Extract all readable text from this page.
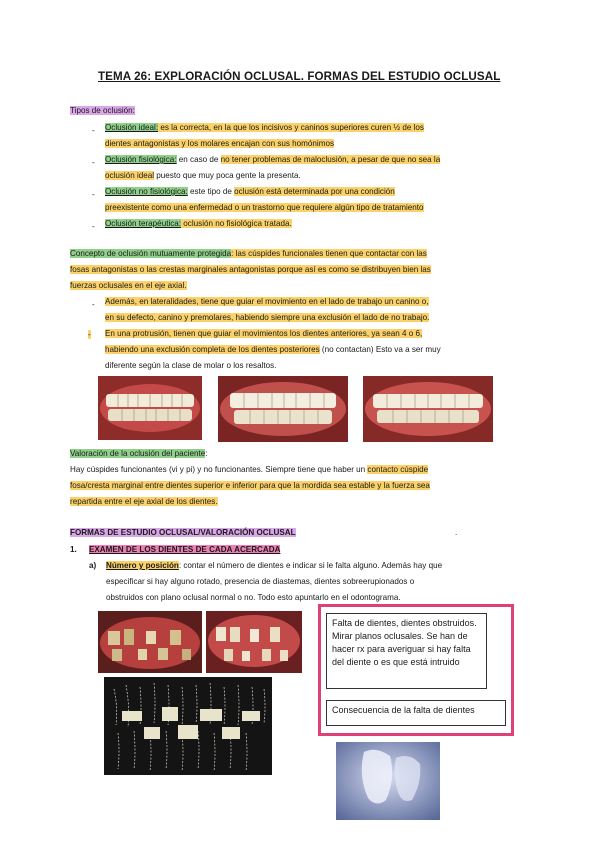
TEMA 26: EXPLORACIÓN OCLUSAL. FORMAS DEL ESTUDIO OCLUSAL
Tipos de oclusión:
- Oclusión ideal: es la correcta, en la que los incisivos y caninos superiores curen ½ de los
dientes antagonistas y los molares encajan con sus homónimos
- Oclusión fisiológica: en caso de no tener problemas de maloclusión, a pesar de que no sea la
oclusión ideal puesto que muy poca gente la presenta.
- Oclusión no fisiológica: este tipo de oclusión está determinada por una condición
preexistente como una enfermedad o un trastorno que requiere algún tipo de tratamiento
- Oclusión terapéutica: oclusión no fisiológica tratada.
Concepto de oclusión mutuamente protegida: las cúspides funcionales tienen que contactar con las
fosas antagonistas o las crestas marginales antagonistas porque así es como se distribuyen bien las
fuerzas oclusales en el eje axial.
- Además, en lateralidades, tiene que guiar el movimiento en el lado de trabajo un canino o,
en su defecto, canino y premolares, habiendo siempre una exclusión el lado de no trabajo.
- En una protrusión, tienen que guiar el movimientos los dientes anteriores, ya sean 4 o 6,
habiendo una exclusión completa de los dientes posteriores (no contactan) Esto va a ser muy
diferente según la clase de molar o los resaltos.
Valoración de la oclusión del paciente:
Hay cúspides funcionantes (vi y pi) y no funcionantes. Siempre tiene que haber un contacto cúspide
fosa/cresta marginal entre dientes superior e inferior para que la mordida sea estable y la fuerza sea
repartida entre el eje axial de los dientes.
FORMAS DE ESTUDIO OCLUSAL/VALORACIÓN OCLUSAL	.
1. EXAMEN DE LOS DIENTES DE CADA ACERCADA
a) Número y posición: contar el número de dientes e indicar si le falta alguno. Además hay que
especificar si hay alguno rotado, presencia de diastemas, dientes sobreerupionados o
obstruidos con plano oclusal normal o no. Todo esto apuntarlo en el odontograma.
Falta de dientes, dientes obstruidos. Mirar planos oclusales. Se han de hacer rx para averiguar si hay falta del diente o es que está intruido
Consecuencia de la falta de dientes
